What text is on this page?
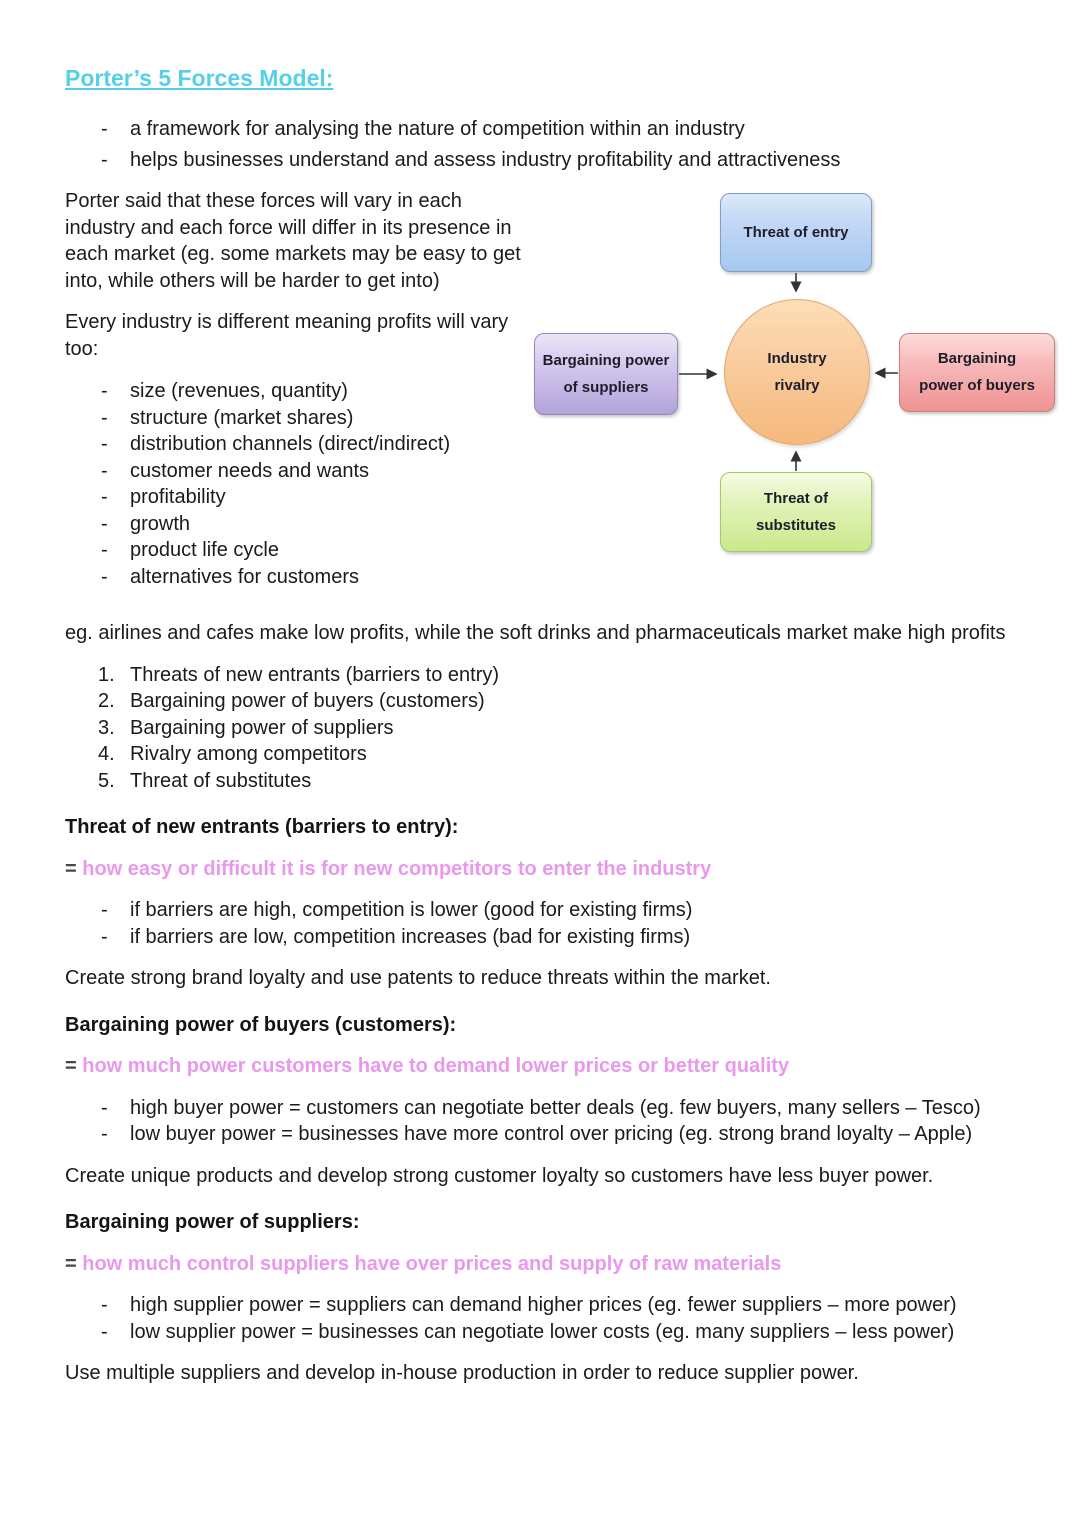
Porter’s 5 Forces Model:
- a framework for analysing the nature of competition within an industry
- helps businesses understand and assess industry profitability and attractiveness

Porter said that these forces will vary in each industry and each force will differ in its presence in each market (eg. some markets may be easy to get into, while others will be harder to get into)

Every industry is different meaning profits will vary too:

- size (revenues, quantity)
- structure (market shares)
- distribution channels (direct/indirect)
- customer needs and wants
- profitability
- growth
- product life cycle
- alternatives for customers
Threat of entry
Bargaining power
of suppliers
Industry
rivalry
Bargaining
power of buyers
Threat of
substitutes

eg. airlines and cafes make low profits, while the soft drinks and pharmaceuticals market make high profits

Threats of new entrants (barriers to entry)
Bargaining power of buyers (customers)
Bargaining power of suppliers
Rivalry among competitors
Threat of substitutes
Threat of new entrants (barriers to entry):

= how easy or difficult it is for new competitors to enter the industry

- if barriers are high, competition is lower (good for existing firms)
- if barriers are low, competition increases (bad for existing firms)

Create strong brand loyalty and use patents to reduce threats within the market.

Bargaining power of buyers (customers):

= how much power customers have to demand lower prices or better quality

- high buyer power = customers can negotiate better deals (eg. few buyers, many sellers – Tesco)
- low buyer power = businesses have more control over pricing (eg. strong brand loyalty – Apple)

Create unique products and develop strong customer loyalty so customers have less buyer power.

Bargaining power of suppliers:

= how much control suppliers have over prices and supply of raw materials

- high supplier power = suppliers can demand higher prices (eg. fewer suppliers – more power)
- low supplier power = businesses can negotiate lower costs (eg. many suppliers – less power)

Use multiple suppliers and develop in-house production in order to reduce supplier power.
